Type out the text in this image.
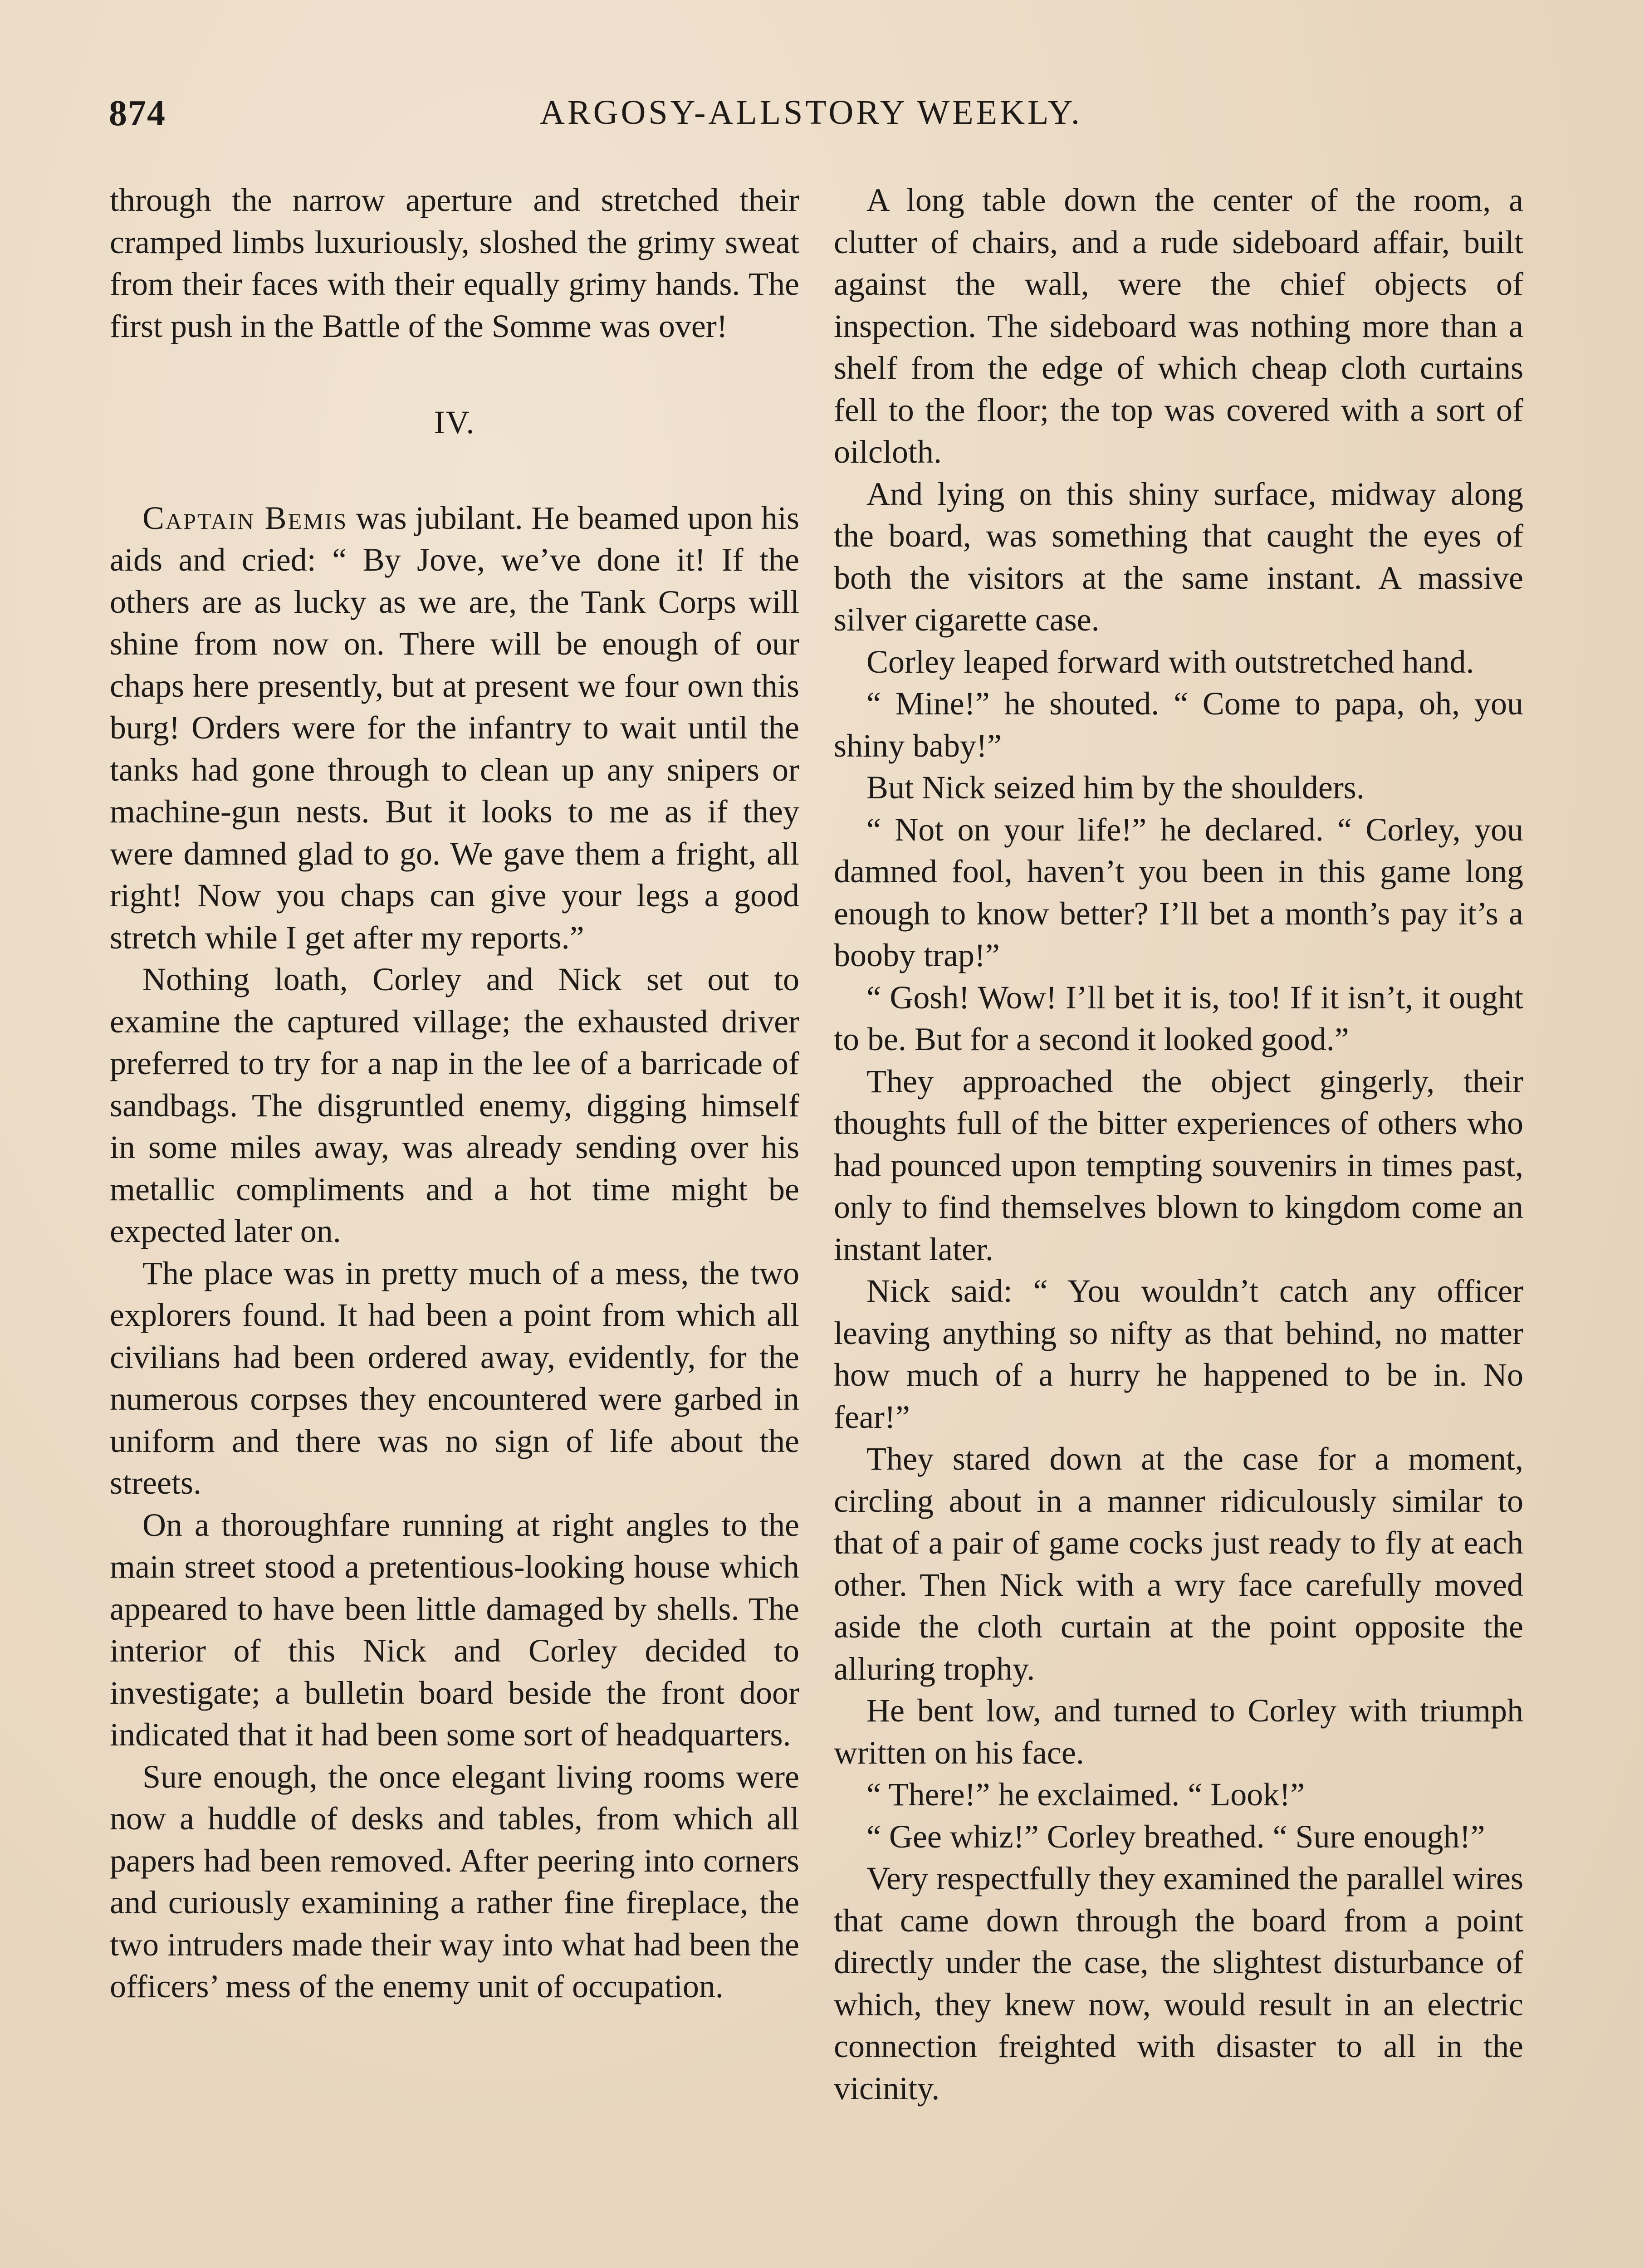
874	ARGOSY-ALLSTORY WEEKLY.

through the narrow aperture and stretched their cramped limbs luxuriously, sloshed the grimy sweat from their faces with their equally grimy hands. The first push in the Battle of the Somme was over!

IV.

Captain Bemis was jubilant. He beamed upon his aids and cried: “ By Jove, we’ve done it! If the others are as lucky as we are, the Tank Corps will shine from now on. There will be enough of our chaps here presently, but at present we four own this burg! Orders were for the infantry to wait until the tanks had gone through to clean up any snipers or machine-gun nests. But it looks to me as if they were damned glad to go. We gave them a fright, all right! Now you chaps can give your legs a good stretch while I get after my reports.”

Nothing loath, Corley and Nick set out to examine the captured village; the exhausted driver preferred to try for a nap in the lee of a barricade of sandbags. The disgruntled enemy, digging himself in some miles away, was already sending over his metallic compliments and a hot time might be expected later on.

The place was in pretty much of a mess, the two explorers found. It had been a point from which all civilians had been ordered away, evidently, for the numerous corpses they encountered were garbed in uniform and there was no sign of life about the streets.

On a thoroughfare running at right angles to the main street stood a pretentious-looking house which appeared to have been little damaged by shells. The interior of this Nick and Corley decided to investigate; a bulletin board beside the front door indicated that it had been some sort of headquarters.

Sure enough, the once elegant living rooms were now a huddle of desks and tables, from which all papers had been removed. After peering into corners and curiously examining a rather fine fireplace, the two intruders made their way into what had been the officers’ mess of the enemy unit of occupation.

A long table down the center of the room, a clutter of chairs, and a rude sideboard affair, built against the wall, were the chief objects of inspection. The sideboard was nothing more than a shelf from the edge of which cheap cloth curtains fell to the floor; the top was covered with a sort of oilcloth.

And lying on this shiny surface, midway along the board, was something that caught the eyes of both the visitors at the same instant. A massive silver cigarette case.

Corley leaped forward with outstretched hand.

“ Mine!” he shouted. “ Come to papa, oh, you shiny baby!”

But Nick seized him by the shoulders.

“ Not on your life!” he declared. “ Corley, you damned fool, haven’t you been in this game long enough to know better? I’ll bet a month’s pay it’s a booby trap!”

“ Gosh! Wow! I’ll bet it is, too! If it isn’t, it ought to be. But for a second it looked good.”

They approached the object gingerly, their thoughts full of the bitter experiences of others who had pounced upon tempting souvenirs in times past, only to find themselves blown to kingdom come an instant later.

Nick said: “ You wouldn’t catch any officer leaving anything so nifty as that behind, no matter how much of a hurry he happened to be in. No fear!”

They stared down at the case for a moment, circling about in a manner ridiculously similar to that of a pair of game cocks just ready to fly at each other. Then Nick with a wry face carefully moved aside the cloth curtain at the point opposite the alluring trophy.

He bent low, and turned to Corley with triumph written on his face.

“ There!” he exclaimed. “ Look!”

“ Gee whiz!” Corley breathed. “ Sure enough!”

Very respectfully they examined the parallel wires that came down through the board from a point directly under the case, the slightest disturbance of which, they knew now, would result in an electric connection freighted with disaster to all in the vicinity.
